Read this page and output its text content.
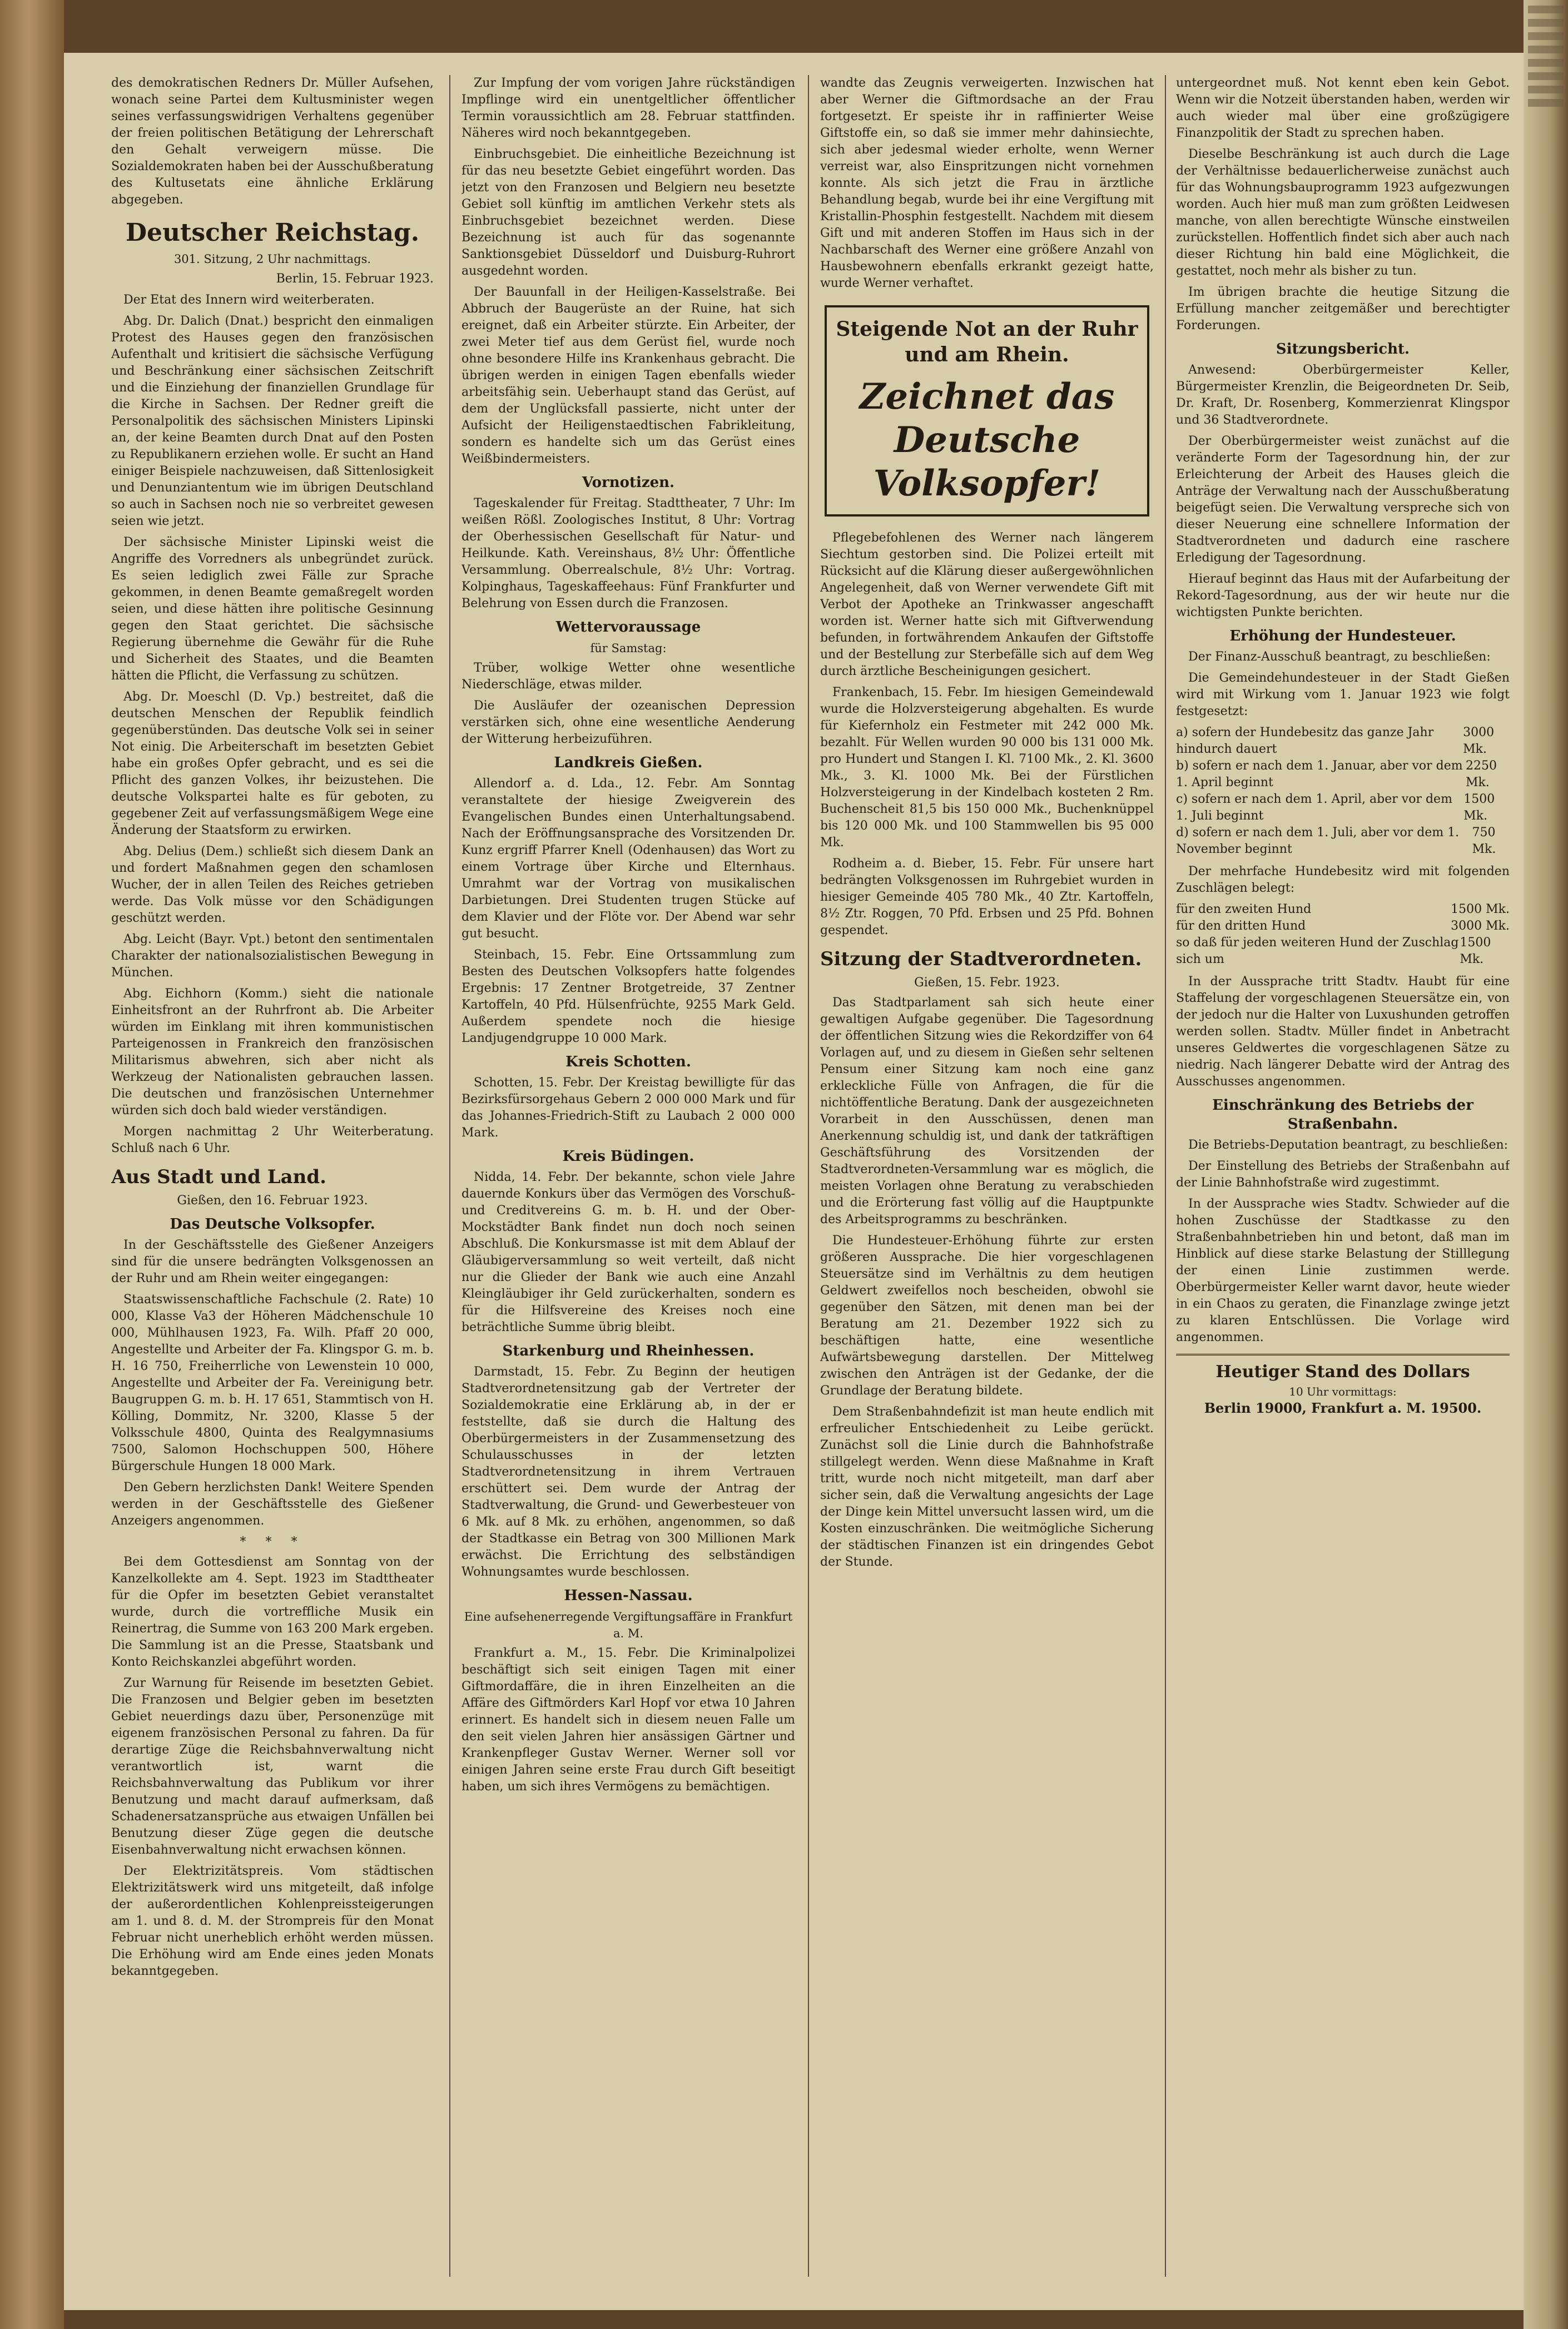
des demokratischen Redners Dr. Müller Aufsehen, wonach seine Partei dem Kultusminister wegen seines verfassungswidrigen Verhaltens gegenüber der freien politischen Betätigung der Lehrerschaft den Gehalt verweigern müsse. Die Sozialdemokraten haben bei der Ausschußberatung des Kultusetats eine ähnliche Erklärung abgegeben.

Deutscher Reichstag.
301. Sitzung, 2 Uhr nachmittags.
Berlin, 15. Februar 1923.

Der Etat des Innern wird weiterberaten.

Abg. Dr. Dalich (Dnat.) bespricht den einmaligen Protest des Hauses gegen den französischen Aufenthalt und kritisiert die sächsische Verfügung und Beschränkung einer sächsischen Zeitschrift und die Einziehung der finanziellen Grundlage für die Kirche in Sachsen. Der Redner greift die Personalpolitik des sächsischen Ministers Lipinski an, der keine Beamten durch Dnat auf den Posten zu Republikanern erziehen wolle. Er sucht an Hand einiger Beispiele nachzuweisen, daß Sittenlosigkeit und Denunziantentum wie im übrigen Deutschland so auch in Sachsen noch nie so verbreitet gewesen seien wie jetzt.

Der sächsische Minister Lipinski weist die Angriffe des Vorredners als unbegründet zurück. Es seien lediglich zwei Fälle zur Sprache gekommen, in denen Beamte gemaßregelt worden seien, und diese hätten ihre politische Gesinnung gegen den Staat gerichtet. Die sächsische Regierung übernehme die Gewähr für die Ruhe und Sicherheit des Staates, und die Beamten hätten die Pflicht, die Verfassung zu schützen.

Abg. Dr. Moeschl (D. Vp.) bestreitet, daß die deutschen Menschen der Republik feindlich gegenüberstünden. Das deutsche Volk sei in seiner Not einig. Die Arbeiterschaft im besetzten Gebiet habe ein großes Opfer gebracht, und es sei die Pflicht des ganzen Volkes, ihr beizustehen. Die deutsche Volkspartei halte es für geboten, zu gegebener Zeit auf verfassungsmäßigem Wege eine Änderung der Staatsform zu erwirken.

Abg. Delius (Dem.) schließt sich diesem Dank an und fordert Maßnahmen gegen den schamlosen Wucher, der in allen Teilen des Reiches getrieben werde. Das Volk müsse vor den Schädigungen geschützt werden.

Abg. Leicht (Bayr. Vpt.) betont den sentimentalen Charakter der nationalsozialistischen Bewegung in München.

Abg. Eichhorn (Komm.) sieht die nationale Einheitsfront an der Ruhrfront ab. Die Arbeiter würden im Einklang mit ihren kommunistischen Parteigenossen in Frankreich den französischen Militarismus abwehren, sich aber nicht als Werkzeug der Nationalisten gebrauchen lassen. Die deutschen und französischen Unternehmer würden sich doch bald wieder verständigen.

Morgen nachmittag 2 Uhr Weiterberatung. Schluß nach 6 Uhr.

Aus Stadt und Land.
Gießen, den 16. Februar 1923.
Das Deutsche Volksopfer.

In der Geschäftsstelle des Gießener Anzeigers sind für die unsere bedrängten Volksgenossen an der Ruhr und am Rhein weiter eingegangen:

Staatswissenschaftliche Fachschule (2. Rate) 10 000, Klasse Va3 der Höheren Mädchenschule 10 000, Mühlhausen 1923, Fa. Wilh. Pfaff 20 000, Angestellte und Arbeiter der Fa. Klingspor G. m. b. H. 16 750, Freiherrliche von Lewenstein 10 000, Angestellte und Arbeiter der Fa. Vereinigung betr. Baugruppen G. m. b. H. 17 651, Stammtisch von H. Kölling, Dommitz, Nr. 3200, Klasse 5 der Volksschule 4800, Quinta des Realgymnasiums 7500, Salomon Hochschuppen 500, Höhere Bürgerschule Hungen 18 000 Mark.

Den Gebern herzlichsten Dank! Weitere Spenden werden in der Geschäftsstelle des Gießener Anzeigers angenommen.

* * *

Bei dem Gottesdienst am Sonntag von der Kanzelkollekte am 4. Sept. 1923 im Stadttheater für die Opfer im besetzten Gebiet veranstaltet wurde, durch die vortreffliche Musik ein Reinertrag, die Summe von 163 200 Mark ergeben. Die Sammlung ist an die Presse, Staatsbank und Konto Reichskanzlei abgeführt worden.

Zur Warnung für Reisende im besetzten Gebiet. Die Franzosen und Belgier geben im besetzten Gebiet neuerdings dazu über, Personenzüge mit eigenem französischen Personal zu fahren. Da für derartige Züge die Reichsbahnverwaltung nicht verantwortlich ist, warnt die Reichsbahnverwaltung das Publikum vor ihrer Benutzung und macht darauf aufmerksam, daß Schadenersatzansprüche aus etwaigen Unfällen bei Benutzung dieser Züge gegen die deutsche Eisenbahnverwaltung nicht erwachsen können.

Der Elektrizitätspreis. Vom städtischen Elektrizitätswerk wird uns mitgeteilt, daß infolge der außerordentlichen Kohlenpreissteigerungen am 1. und 8. d. M. der Strompreis für den Monat Februar nicht unerheblich erhöht werden müssen. Die Erhöhung wird am Ende eines jeden Monats bekanntgegeben.

Zur Impfung der vom vorigen Jahre rückständigen Impflinge wird ein unentgeltlicher öffentlicher Termin voraussichtlich am 28. Februar stattfinden. Näheres wird noch bekanntgegeben.

Einbruchsgebiet. Die einheitliche Bezeichnung ist für das neu besetzte Gebiet eingeführt worden. Das jetzt von den Franzosen und Belgiern neu besetzte Gebiet soll künftig im amtlichen Verkehr stets als Einbruchsgebiet bezeichnet werden. Diese Bezeichnung ist auch für das sogenannte Sanktionsgebiet Düsseldorf und Duisburg-Ruhrort ausgedehnt worden.

Der Bauunfall in der Heiligen-Kasselstraße. Bei Abbruch der Baugerüste an der Ruine, hat sich ereignet, daß ein Arbeiter stürzte. Ein Arbeiter, der zwei Meter tief aus dem Gerüst fiel, wurde noch ohne besondere Hilfe ins Krankenhaus gebracht. Die übrigen werden in einigen Tagen ebenfalls wieder arbeitsfähig sein. Ueberhaupt stand das Gerüst, auf dem der Unglücksfall passierte, nicht unter der Aufsicht der Heiligenstaedtischen Fabrikleitung, sondern es handelte sich um das Gerüst eines Weißbindermeisters.

Vornotizen.

Tageskalender für Freitag. Stadttheater, 7 Uhr: Im weißen Rößl. Zoologisches Institut, 8 Uhr: Vortrag der Oberhessischen Gesellschaft für Natur- und Heilkunde. Kath. Vereinshaus, 8½ Uhr: Öffentliche Versammlung. Oberrealschule, 8½ Uhr: Vortrag. Kolpinghaus, Tageskaffeehaus: Fünf Frankfurter und Belehrung von Essen durch die Franzosen.

Wettervoraussage
für Samstag:

Trüber, wolkige Wetter ohne wesentliche Niederschläge, etwas milder.

Die Ausläufer der ozeanischen Depression verstärken sich, ohne eine wesentliche Aenderung der Witterung herbeizuführen.

Landkreis Gießen.

Allendorf a. d. Lda., 12. Febr. Am Sonntag veranstaltete der hiesige Zweigverein des Evangelischen Bundes einen Unterhaltungsabend. Nach der Eröffnungsansprache des Vorsitzenden Dr. Kunz ergriff Pfarrer Knell (Odenhausen) das Wort zu einem Vortrage über Kirche und Elternhaus. Umrahmt war der Vortrag von musikalischen Darbietungen. Drei Studenten trugen Stücke auf dem Klavier und der Flöte vor. Der Abend war sehr gut besucht.

Steinbach, 15. Febr. Eine Ortssammlung zum Besten des Deutschen Volksopfers hatte folgendes Ergebnis: 17 Zentner Brotgetreide, 37 Zentner Kartoffeln, 40 Pfd. Hülsenfrüchte, 9255 Mark Geld. Außerdem spendete noch die hiesige Landjugendgruppe 10 000 Mark.

Kreis Schotten.

Schotten, 15. Febr. Der Kreistag bewilligte für das Bezirksfürsorgehaus Gebern 2 000 000 Mark und für das Johannes-Friedrich-Stift zu Laubach 2 000 000 Mark.

Kreis Büdingen.

Nidda, 14. Febr. Der bekannte, schon viele Jahre dauernde Konkurs über das Vermögen des Vorschuß- und Creditvereins G. m. b. H. und der Ober-Mockstädter Bank findet nun doch noch seinen Abschluß. Die Konkursmasse ist mit dem Ablauf der Gläubigerversammlung so weit verteilt, daß nicht nur die Glieder der Bank wie auch eine Anzahl Kleingläubiger ihr Geld zurückerhalten, sondern es für die Hilfsvereine des Kreises noch eine beträchtliche Summe übrig bleibt.

Starkenburg und Rheinhessen.

Darmstadt, 15. Febr. Zu Beginn der heutigen Stadtverordnetensitzung gab der Vertreter der Sozialdemokratie eine Erklärung ab, in der er feststellte, daß sie durch die Haltung des Oberbürgermeisters in der Zusammensetzung des Schulausschusses in der letzten Stadtverordnetensitzung in ihrem Vertrauen erschüttert sei. Dem wurde der Antrag der Stadtverwaltung, die Grund- und Gewerbesteuer von 6 Mk. auf 8 Mk. zu erhöhen, angenommen, so daß der Stadtkasse ein Betrag von 300 Millionen Mark erwächst. Die Errichtung des selbständigen Wohnungsamtes wurde beschlossen.

Hessen-Nassau.
Eine aufsehenerregende Vergiftungsaffäre in Frankfurt a. M.

Frankfurt a. M., 15. Febr. Die Kriminalpolizei beschäftigt sich seit einigen Tagen mit einer Giftmordaffäre, die in ihren Einzelheiten an die Affäre des Giftmörders Karl Hopf vor etwa 10 Jahren erinnert. Es handelt sich in diesem neuen Falle um den seit vielen Jahren hier ansässigen Gärtner und Krankenpfleger Gustav Werner. Werner soll vor einigen Jahren seine erste Frau durch Gift beseitigt haben, um sich ihres Vermögens zu bemächtigen.

wandte das Zeugnis verweigerten. Inzwischen hat aber Werner die Giftmordsache an der Frau fortgesetzt. Er speiste ihr in raffinierter Weise Giftstoffe ein, so daß sie immer mehr dahinsiechte, sich aber jedesmal wieder erholte, wenn Werner verreist war, also Einspritzungen nicht vornehmen konnte. Als sich jetzt die Frau in ärztliche Behandlung begab, wurde bei ihr eine Vergiftung mit Kristallin-Phosphin festgestellt. Nachdem mit diesem Gift und mit anderen Stoffen im Haus sich in der Nachbarschaft des Werner eine größere Anzahl von Hausbewohnern ebenfalls erkrankt gezeigt hatte, wurde Werner verhaftet.

Steigende Not an der Ruhr und am Rhein.
Zeichnet das Deutsche Volksopfer!

Pflegebefohlenen des Werner nach längerem Siechtum gestorben sind. Die Polizei erteilt mit Rücksicht auf die Klärung dieser außergewöhnlichen Angelegenheit, daß von Werner verwendete Gift mit Verbot der Apotheke an Trinkwasser angeschafft worden ist. Werner hatte sich mit Giftverwendung befunden, in fortwährendem Ankaufen der Giftstoffe und der Bestellung zur Sterbefälle sich auf dem Weg durch ärztliche Bescheinigungen gesichert.

Frankenbach, 15. Febr. Im hiesigen Gemeindewald wurde die Holzversteigerung abgehalten. Es wurde für Kiefernholz ein Festmeter mit 242 000 Mk. bezahlt. Für Wellen wurden 90 000 bis 131 000 Mk. pro Hundert und Stangen I. Kl. 7100 Mk., 2. Kl. 3600 Mk., 3. Kl. 1000 Mk. Bei der Fürstlichen Holzversteigerung in der Kindelbach kosteten 2 Rm. Buchenscheit 81,5 bis 150 000 Mk., Buchenknüppel bis 120 000 Mk. und 100 Stammwellen bis 95 000 Mk.

Rodheim a. d. Bieber, 15. Febr. Für unsere hart bedrängten Volksgenossen im Ruhrgebiet wurden in hiesiger Gemeinde 405 780 Mk., 40 Ztr. Kartoffeln, 8½ Ztr. Roggen, 70 Pfd. Erbsen und 25 Pfd. Bohnen gespendet.

Sitzung der Stadtverordneten.
Gießen, 15. Febr. 1923.

Das Stadtparlament sah sich heute einer gewaltigen Aufgabe gegenüber. Die Tagesordnung der öffentlichen Sitzung wies die Rekordziffer von 64 Vorlagen auf, und zu diesem in Gießen sehr seltenen Pensum einer Sitzung kam noch eine ganz erkleckliche Fülle von Anfragen, die für die nichtöffentliche Beratung. Dank der ausgezeichneten Vorarbeit in den Ausschüssen, denen man Anerkennung schuldig ist, und dank der tatkräftigen Geschäftsführung des Vorsitzenden der Stadtverordneten-Versammlung war es möglich, die meisten Vorlagen ohne Beratung zu verabschieden und die Erörterung fast völlig auf die Hauptpunkte des Arbeitsprogramms zu beschränken.

Die Hundesteuer-Erhöhung führte zur ersten größeren Aussprache. Die hier vorgeschlagenen Steuersätze sind im Verhältnis zu dem heutigen Geldwert zweifellos noch bescheiden, obwohl sie gegenüber den Sätzen, mit denen man bei der Beratung am 21. Dezember 1922 sich zu beschäftigen hatte, eine wesentliche Aufwärtsbewegung darstellen. Der Mittelweg zwischen den Anträgen ist der Gedanke, der die Grundlage der Beratung bildete.

Dem Straßenbahndefizit ist man heute endlich mit erfreulicher Entschiedenheit zu Leibe gerückt. Zunächst soll die Linie durch die Bahnhofstraße stillgelegt werden. Wenn diese Maßnahme in Kraft tritt, wurde noch nicht mitgeteilt, man darf aber sicher sein, daß die Verwaltung angesichts der Lage der Dinge kein Mittel unversucht lassen wird, um die Kosten einzuschränken. Die weitmögliche Sicherung der städtischen Finanzen ist ein dringendes Gebot der Stunde.

untergeordnet muß. Not kennt eben kein Gebot. Wenn wir die Notzeit überstanden haben, werden wir auch wieder mal über eine großzügigere Finanzpolitik der Stadt zu sprechen haben.

Dieselbe Beschränkung ist auch durch die Lage der Verhältnisse bedauerlicherweise zunächst auch für das Wohnungsbauprogramm 1923 aufgezwungen worden. Auch hier muß man zum größten Leidwesen manche, von allen berechtigte Wünsche einstweilen zurückstellen. Hoffentlich findet sich aber auch nach dieser Richtung hin bald eine Möglichkeit, die gestattet, noch mehr als bisher zu tun.

Im übrigen brachte die heutige Sitzung die Erfüllung mancher zeitgemäßer und berechtigter Forderungen.

Sitzungsbericht.

Anwesend: Oberbürgermeister Keller, Bürgermeister Krenzlin, die Beigeordneten Dr. Seib, Dr. Kraft, Dr. Rosenberg, Kommerzienrat Klingspor und 36 Stadtverordnete.

Der Oberbürgermeister weist zunächst auf die veränderte Form der Tagesordnung hin, der zur Erleichterung der Arbeit des Hauses gleich die Anträge der Verwaltung nach der Ausschußberatung beigefügt seien. Die Verwaltung verspreche sich von dieser Neuerung eine schnellere Information der Stadtverordneten und dadurch eine raschere Erledigung der Tagesordnung.

Hierauf beginnt das Haus mit der Aufarbeitung der Rekord-Tagesordnung, aus der wir heute nur die wichtigsten Punkte berichten.

Erhöhung der Hundesteuer.

Der Finanz-Ausschuß beantragt, zu beschließen:

Die Gemeindehundesteuer in der Stadt Gießen wird mit Wirkung vom 1. Januar 1923 wie folgt festgesetzt:

a) sofern der Hundebesitz das ganze Jahr hindurch dauert
3000 Mk.
b) sofern er nach dem 1. Januar, aber vor dem 1. April beginnt
2250 Mk.
c) sofern er nach dem 1. April, aber vor dem 1. Juli beginnt
1500 Mk.
d) sofern er nach dem 1. Juli, aber vor dem 1. November beginnt
750 Mk.

Der mehrfache Hundebesitz wird mit folgenden Zuschlägen belegt:

für den zweiten Hund	1500 Mk.
für den dritten Hund	3000 Mk.
so daß für jeden weiteren Hund der Zuschlag sich um
1500 Mk.

In der Aussprache tritt Stadtv. Haubt für eine Staffelung der vorgeschlagenen Steuersätze ein, von der jedoch nur die Halter von Luxushunden getroffen werden sollen. Stadtv. Müller findet in Anbetracht unseres Geldwertes die vorgeschlagenen Sätze zu niedrig. Nach längerer Debatte wird der Antrag des Ausschusses angenommen.

Einschränkung des Betriebs der Straßenbahn.

Die Betriebs-Deputation beantragt, zu beschließen:

Der Einstellung des Betriebs der Straßenbahn auf der Linie Bahnhofstraße wird zugestimmt.

In der Aussprache wies Stadtv. Schwieder auf die hohen Zuschüsse der Stadtkasse zu den Straßenbahnbetrieben hin und betont, daß man im Hinblick auf diese starke Belastung der Stilllegung der einen Linie zustimmen werde. Oberbürgermeister Keller warnt davor, heute wieder in ein Chaos zu geraten, die Finanzlage zwinge jetzt zu klaren Entschlüssen. Die Vorlage wird angenommen.

Heutiger Stand des Dollars
10 Uhr vormittags:
Berlin 19000, Frankfurt a. M. 19500.
